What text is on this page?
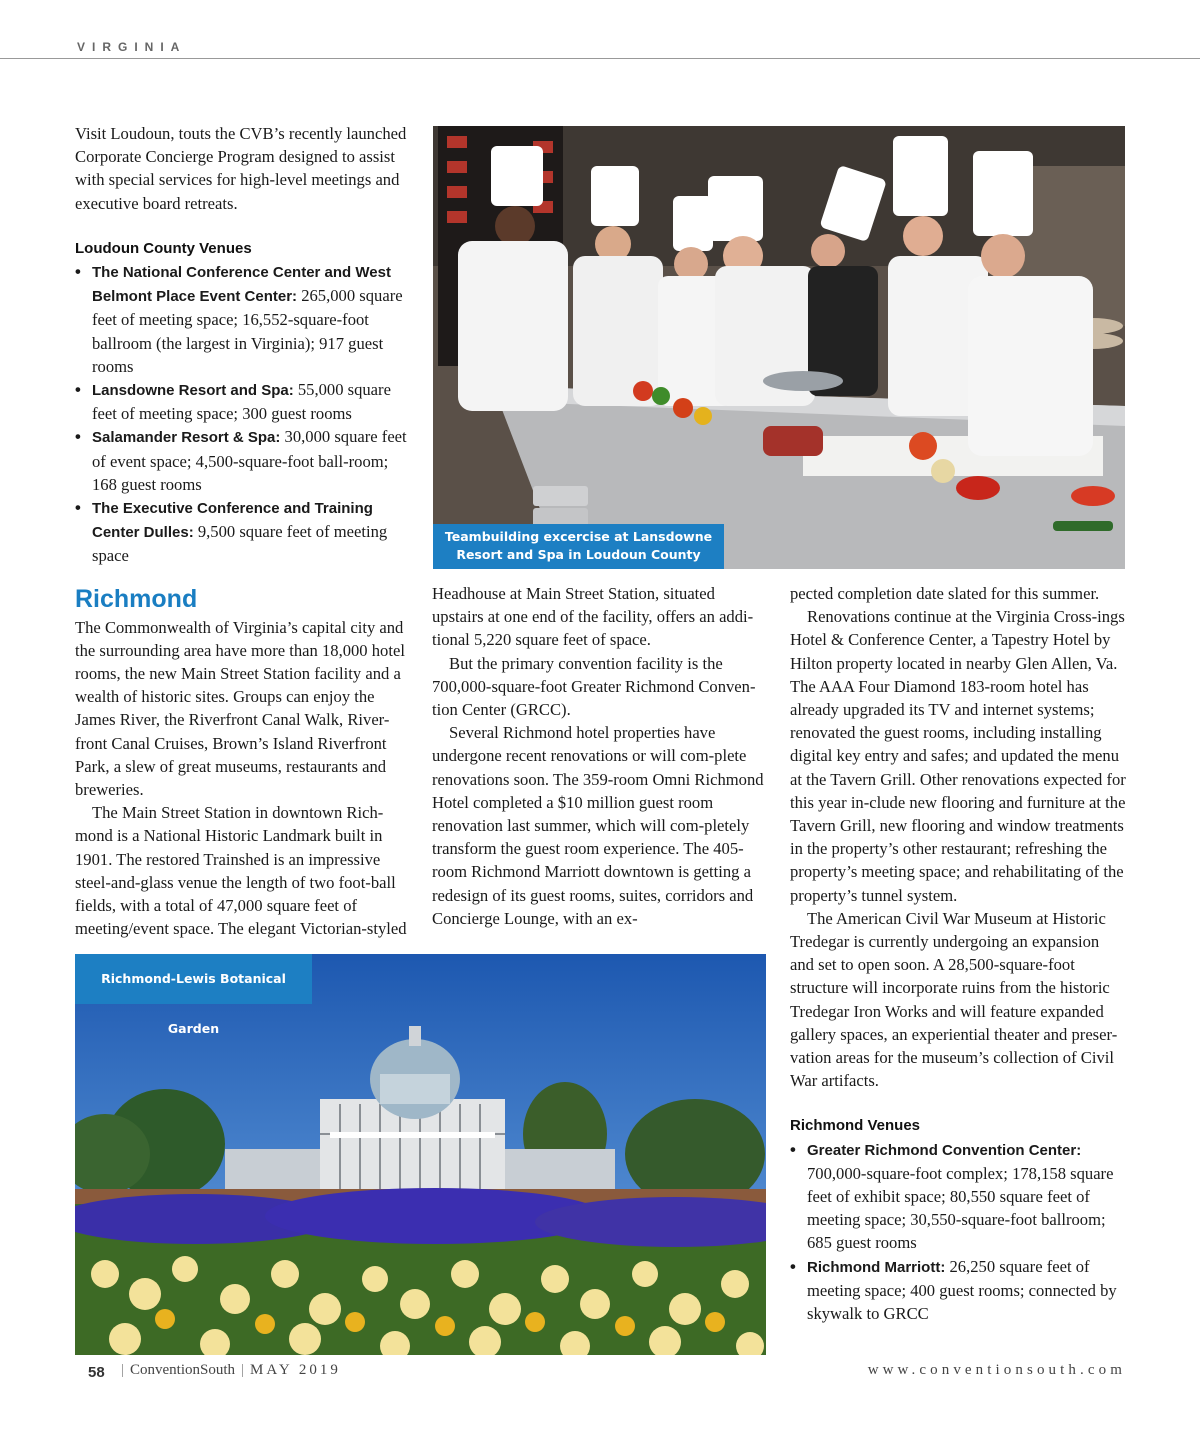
VIRGINIA

Visit Loudoun, touts the CVB’s recently launched Corporate Concierge Program designed to assist with special services for high-level meetings and executive board retreats.

Loudoun County Venues
• The National Conference Center and West Belmont Place Event Center: 265,000 square feet of meeting space; 16,552-square-foot ballroom (the largest in Virginia); 917 guest rooms
• Lansdowne Resort and Spa: 55,000 square feet of meeting space; 300 guest rooms
• Salamander Resort & Spa: 30,000 square feet of event space; 4,500-square-foot ball-room; 168 guest rooms
• The Executive Conference and Training Center Dulles: 9,500 square feet of meeting space
Richmond

The Commonwealth of Virginia’s capital city and the surrounding area have more than 18,000 hotel rooms, the new Main Street Station facility and a wealth of historic sites. Groups can enjoy the James River, the Riverfront Canal Walk, River-front Canal Cruises, Brown’s Island Riverfront Park, a slew of great museums, restaurants and breweries.

The Main Street Station in downtown Rich-mond is a National Historic Landmark built in 1901. The restored Trainshed is an impressive steel-and-glass venue the length of two foot-ball fields, with a total of 47,000 square feet of meeting/event space. The elegant Victorian-styled

Teambuilding excercise at Lansdowne
Resort and Spa in Loudoun County

Headhouse at Main Street Station, situated upstairs at one end of the facility, offers an addi-tional 5,220 square feet of space.

But the primary convention facility is the 700,000-square-foot Greater Richmond Conven-tion Center (GRCC).

Several Richmond hotel properties have undergone recent renovations or will com-plete renovations soon. The 359-room Omni Richmond Hotel completed a $10 million guest room renovation last summer, which will com-pletely transform the guest room experience. The 405-room Richmond Marriott downtown is getting a redesign of its guest rooms, suites, corridors and Concierge Lounge, with an ex-

pected completion date slated for this summer.

Renovations continue at the Virginia Cross-ings Hotel & Conference Center, a Tapestry Hotel by Hilton property located in nearby Glen Allen, Va. The AAA Four Diamond 183-room hotel has already upgraded its TV and internet systems; renovated the guest rooms, including installing digital key entry and safes; and updated the menu at the Tavern Grill. Other renovations expected for this year in-clude new flooring and furniture at the Tavern Grill, new flooring and window treatments in the property’s other restaurant; refreshing the property’s meeting space; and rehabilitating of the property’s tunnel system.

The American Civil War Museum at Historic Tredegar is currently undergoing an expansion and set to open soon. A 28,500-square-foot structure will incorporate ruins from the historic Tredegar Iron Works and will feature expanded gallery spaces, an experiential theater and preser-vation areas for the museum’s collection of Civil War artifacts.

Richmond Venues
• Greater Richmond Convention Center: 700,000-square-foot complex; 178,158 square feet of exhibit space; 80,550 square feet of meeting space; 30,550-square-foot ballroom; 685 guest rooms
• Richmond Marriott: 26,250 square feet of meeting space; 400 guest rooms; connected by skywalk to GRCC
Richmond-Lewis Botanical Garden
58	| ConventionSouth | MAY 2019	www.conventionsouth.com
